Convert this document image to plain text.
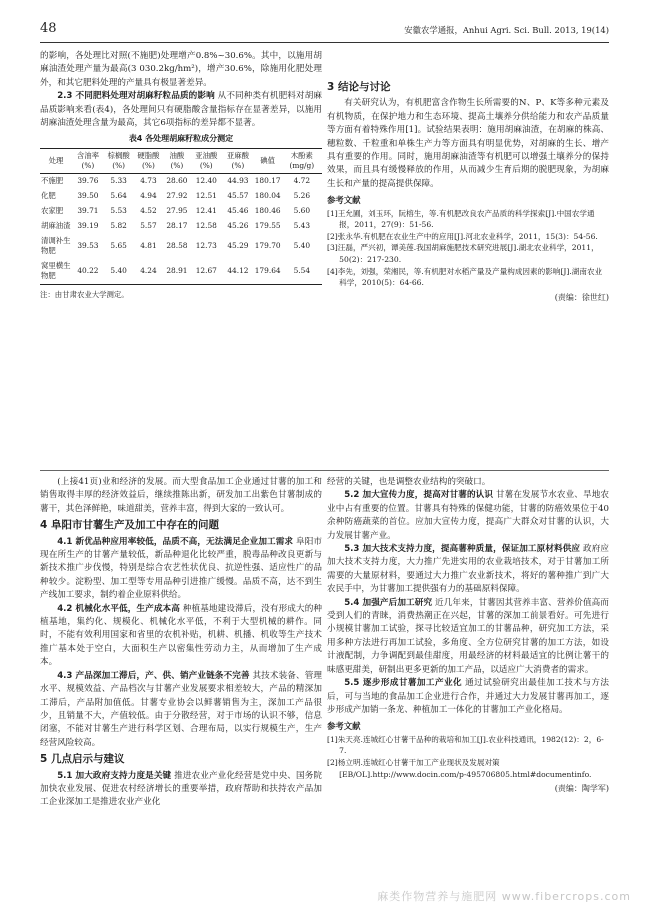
48	安徽农学通报，Anhui Agri. Sci. Bull. 2013, 19(14)

的影响，各处理比对照(不施肥)处理增产0.8%~30.6%。其中，以施用胡麻油渣处理产量为最高(3 030.2kg/hm²)，增产30.6%，除施用化肥处理外，和其它肥料处理的产量具有极显著差异。

2.3 不同肥料处理对胡麻籽粒品质的影响 从不同种类有机肥料对胡麻品质影响来看(表4)，各处理间只有硬脂酸含量指标存在显著差异，以施用胡麻油渣处理含量为最高，其它6项指标的差异都不显著。

表4 各处理胡麻籽粒成分测定
处理	含油率(%)	棕榈酸(%)	硬脂酸(%)	油酸(%)	亚油酸(%)	亚麻酸(%)	碘值	木酚素(mg/g)
不施肥	39.76	5.33	4.73	28.60	12.40	44.93	180.17	4.72
化肥	39.50	5.64	4.94	27.92	12.51	45.57	180.04	5.26
农家肥	39.71	5.53	4.52	27.95	12.41	45.46	180.46	5.60
胡麻油渣	39.19	5.82	5.57	28.17	12.58	45.26	179.55	5.43
清调补生物肥	39.53	5.65	4.81	28.58	12.73	45.29	179.70	5.40
窝里横生物肥	40.22	5.40	4.24	28.91	12.67	44.12	179.64	5.54
注：由甘肃农业大学测定。
3 结论与讨论

有关研究认为，有机肥富含作物生长所需要的N、P、K等多种元素及有机物质，在保护地力和生态环境、提高土壤养分供给能力和农产品质量等方面有着特殊作用[1]。试验结果表明：施用胡麻油渣，在胡麻的株高、穗粒数、千粒重和单株生产力等方面具有明显优势，对胡麻的生长、增产具有重要的作用。同时，施用胡麻油渣等有机肥可以增强土壤养分的保持效果，而且具有缓慢释放的作用，从而减少生育后期的脱肥现象，为胡麻生长和产量的提高提供保障。

参考文献

[1]王允圃，刘玉环，阮榕生，等.有机肥改良农产品质的科学探索[J].中国农学通报，2011，27(9)：51-56.

[2]张永华.有机肥在农业生产中的应用[J].河北农业科学，2011，15(3)：54-56.

[3]汪磊，严兴初，谭美莲.我国胡麻施肥技术研究进展[J].湖北农业科学，2011，50(2)：217-230.

[4]李先，刘强，荣湘民，等.有机肥对水稻产量及产量构成因素的影响[J].湖南农业科学，2010(5)：64-66.

(责编：徐世红)

(上接41页)业和经济的发展。而大型食品加工企业通过甘薯的加工和销售取得丰厚的经济效益后，继续推陈出新，研发加工出紫色甘薯制成的薯干，其色泽鲜艳，味道甜美，营养丰富，得到大家的一致认可。

4 阜阳市甘薯生产及加工中存在的问题

4.1 新优品种应用率较低，品质不高，无法满足企业加工需求 阜阳市现在所生产的甘薯产量较低，新品种退化比较严重，脱毒品种改良更新与新技术推广步伐慢，特别是综合农艺性状优良、抗逆性强、适应性广的品种较少。淀粉型、加工型等专用品种引进推广缓慢。品质不高，达不到生产线加工要求，制约着企业原料供给。

4.2 机械化水平低，生产成本高 种植基地建设滞后，没有形成大的种植基地，集约化、规模化、机械化水平低，不利于大型机械的耕作。同时，不能有效利用国家和省里的农机补贴，机耕、机播、机收等生产技术推广基本处于空白，大面积生产以密集性劳动力主，从而增加了生产成本。

4.3 产品深加工滞后，产、供、销产业链条不完善 其技术装备、管理水平、规模效益、产品档次与甘薯产业发展要求相差较大，产品的精深加工滞后，产品附加值低。甘薯专业协会以鲜薯销售为主，深加工产品很少，且销量不大，产值较低。由于分散经营，对于市场的认识不够，信息闭塞，不能对甘薯生产进行科学区划、合理布局，以实行规模生产，生产经营风险较高。

5 几点启示与建议

5.1 加大政府支持力度是关键 推进农业产业化经营是党中央、国务院加快农业发展、促进农村经济增长的重要举措，政府帮助和扶持农产品加工企业深加工是推进农业产业化

经营的关键，也是调整农业结构的突破口。

5.2 加大宣传力度，提高对甘薯的认识 甘薯在发展节水农业、旱地农业中占有重要的位置。甘薯具有特殊的保健功能，甘薯的防癌效果位于40余种防癌蔬菜的首位。应加大宣传力度，提高广大群众对甘薯的认识，大力发展甘薯产业。

5.3 加大技术支持力度，提高薯种质量，保证加工原材料供应 政府应加大技术支持力度，大力推广先进实用的农业栽培技术，对于甘薯加工所需要的大量原材料，要通过大力推广农业新技术，将好的薯种推广到广大农民手中，为甘薯加工提供强有力的基础原料保障。

5.4 加强产后加工研究 近几年来，甘薯因其营养丰富、营养价值高而受到人们的青睐，消费热潮正在兴起，甘薯的深加工前景看好。可先进行小规模甘薯加工试验，探寻比较适宜加工的甘薯品种，研究加工方法，采用多种方法进行再加工试验，多角度、全方位研究甘薯的加工方法，如设计液配制，力争调配到最佳甜度，用最经济的材料最适宜的比例让薯干的味感更甜美，研制出更多更新的加工产品，以适应广大消费者的需求。

5.5 逐步形成甘薯加工产业化 通过试验研究出最佳加工技术与方法后，可与当地的食品加工企业进行合作，并通过大力发展甘薯再加工，逐步形成产加销一条龙、种植加工一体化的甘薯加工产业化格局。

参考文献

[1]朱天亮.连城红心甘薯干品种的栽培和加工[J].农业科技通讯，1982(12)：2，6-7.

[2]杨立明.连城红心甘薯干加工产业现状及发展对策[EB/OL].http://www.docin.com/p-495706805.html#documentinfo.

(责编：陶学军)
麻类作物营养与施肥网 www.fibercrops.com
